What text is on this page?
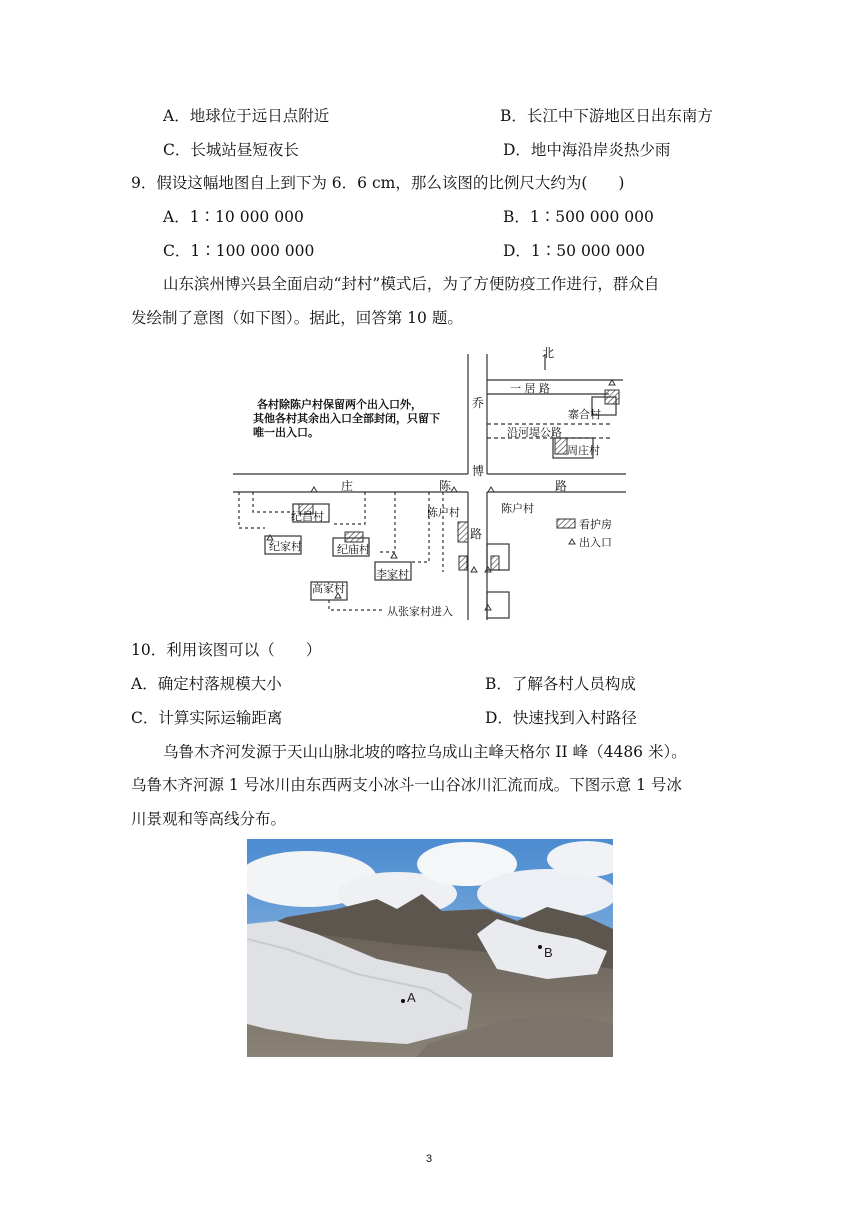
A．地球位于远日点附近	B．长江中下游地区日出东南方
C．长城站昼短夜长	D．地中海沿岸炎热少雨
9．假设这幅地图自上到下为 6．6 cm，那么该图的比例尺大约为(　　)
A．1∶10 000 000	B．1∶500 000 000
C．1∶100 000 000	D．1∶50 000 000
山东滨州博兴县全面启动“封村”模式后，为了方便防疫工作进行，群众自
发绘制了意图（如下图）。据此，回答第 10 题。
北
各村除陈户村保留两个出入口外，
其他各村其余出入口全部封闭，只留下
唯一出入口。
一 居 路
沿河堤公路
庄	陈	路
乔
博
路
寨合村
周庄村
纪昌村
纪家村	纪庙村
李家村
高家村
陈户村	陈户村
看护房
出入口
从张家村进入
10．利用该图可以（　　）
A．确定村落规模大小	B．了解各村人员构成
C．计算实际运输距离	D．快速找到入村路径
乌鲁木齐河发源于天山山脉北坡的喀拉乌成山主峰天格尔 II 峰（4486 米）。
乌鲁木齐河源 1 号冰川由东西两支小冰斗一山谷冰川汇流而成。下图示意 1 号冰
川景观和等高线分布。
A
B
3
